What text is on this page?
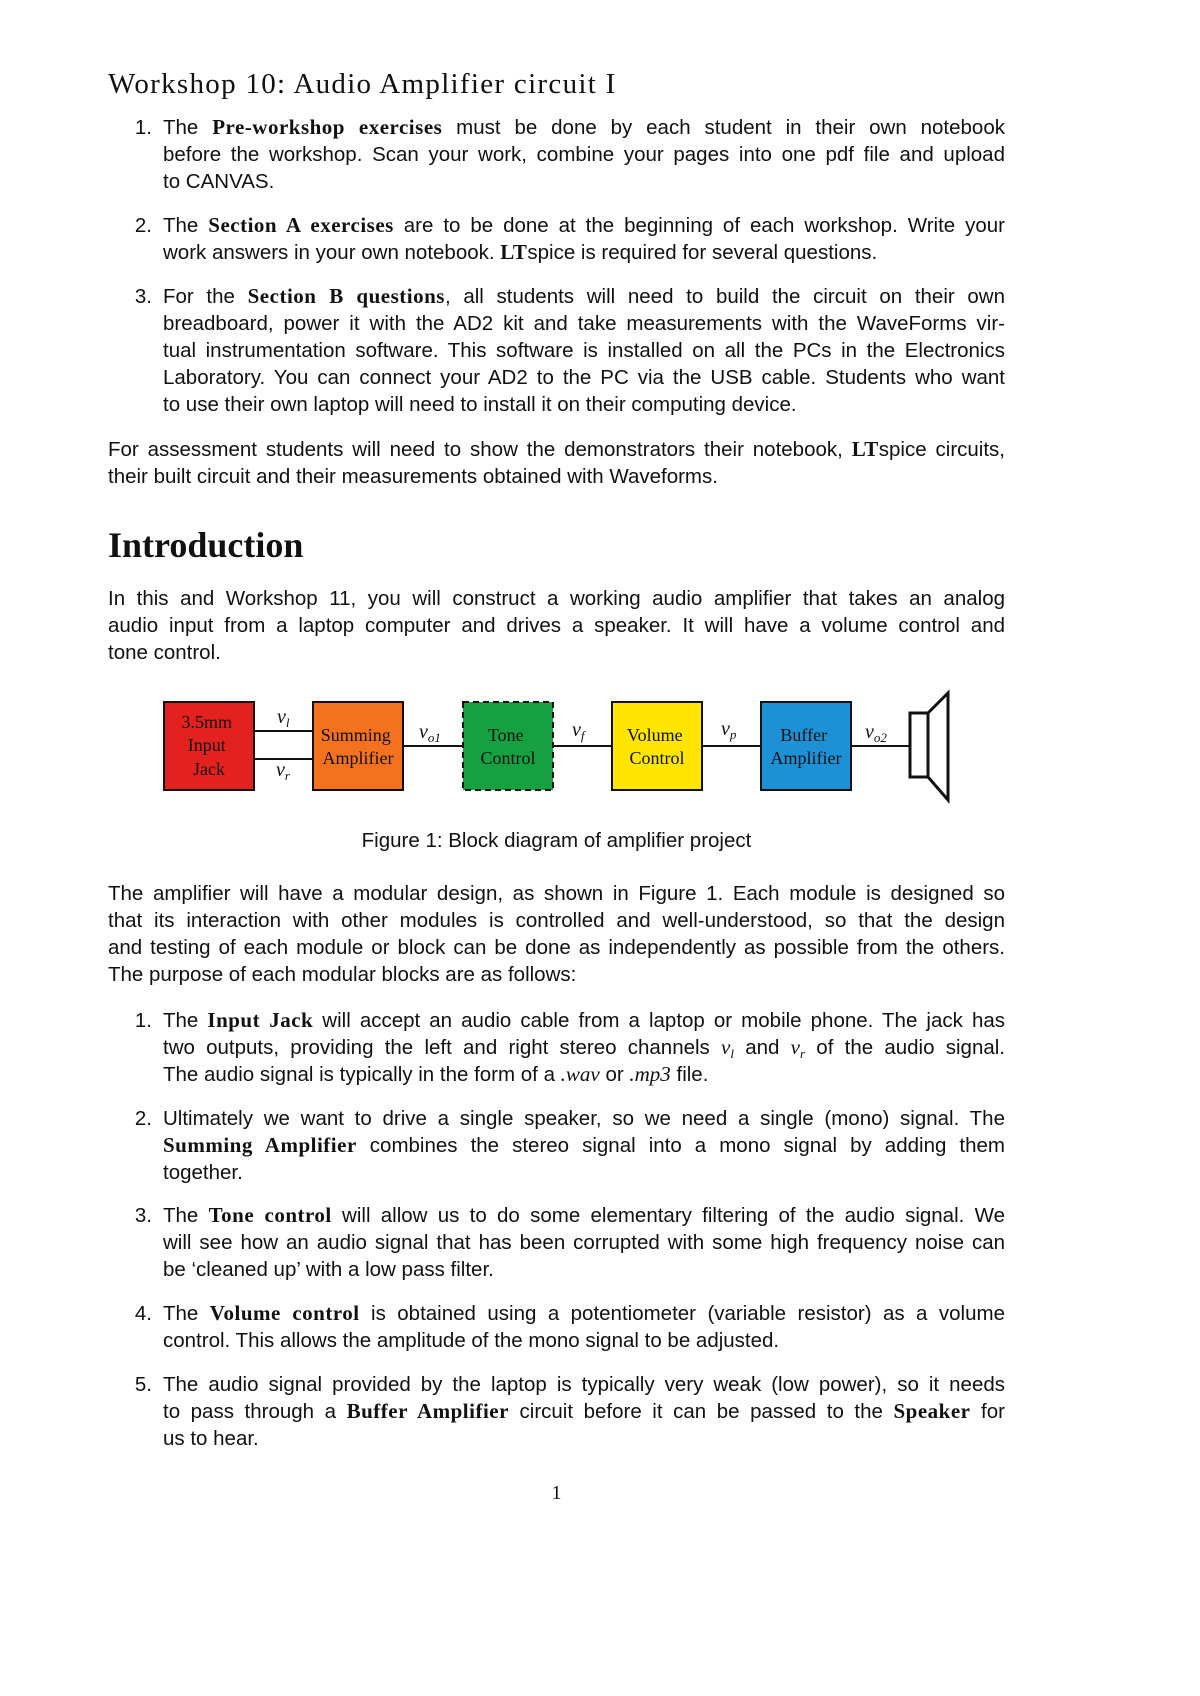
Workshop 10: Audio Amplifier circuit I
1. The Pre-workshop exercises must be done by each student in their own notebook
before the workshop. Scan your work, combine your pages into one pdf file and upload
to CANVAS.
2. The Section A exercises are to be done at the beginning of each workshop. Write your
work answers in your own notebook. LTspice is required for several questions.
3. For the Section B questions, all students will need to build the circuit on their own
breadboard, power it with the AD2 kit and take measurements with the WaveForms vir-
tual instrumentation software. This software is installed on all the PCs in the Electronics
Laboratory. You can connect your AD2 to the PC via the USB cable. Students who want
to use their own laptop will need to install it on their computing device.
For assessment students will need to show the demonstrators their notebook, LTspice circuits,
their built circuit and their measurements obtained with Waveforms.
Introduction
In this and Workshop 11, you will construct a working audio amplifier that takes an analog
audio input from a laptop computer and drives a speaker. It will have a volume control and
tone control.
3.5mm Input Jack
Summing Amplifier
Tone Control
Volume Control
Buffer Amplifier
$v_l$
$v_r$
$v_{o1}$	$v_f$	$v_p$	$v_{o2}$
Figure 1: Block diagram of amplifier project
The amplifier will have a modular design, as shown in Figure 1. Each module is designed so
that its interaction with other modules is controlled and well-understood, so that the design
and testing of each module or block can be done as independently as possible from the others.
The purpose of each modular blocks are as follows:
1. The Input Jack will accept an audio cable from a laptop or mobile phone. The jack has
two outputs, providing the left and right stereo channels $v_l$ and $v_r$ of the audio signal.
The audio signal is typically in the form of a .wav or .mp3 file.
2. Ultimately we want to drive a single speaker, so we need a single (mono) signal. The
Summing Amplifier combines the stereo signal into a mono signal by adding them
together.
3. The Tone control will allow us to do some elementary filtering of the audio signal. We
will see how an audio signal that has been corrupted with some high frequency noise can
be ‘cleaned up’ with a low pass filter.
4. The Volume control is obtained using a potentiometer (variable resistor) as a volume
control. This allows the amplitude of the mono signal to be adjusted.
5. The audio signal provided by the laptop is typically very weak (low power), so it needs
to pass through a Buffer Amplifier circuit before it can be passed to the Speaker for
us to hear.
1
